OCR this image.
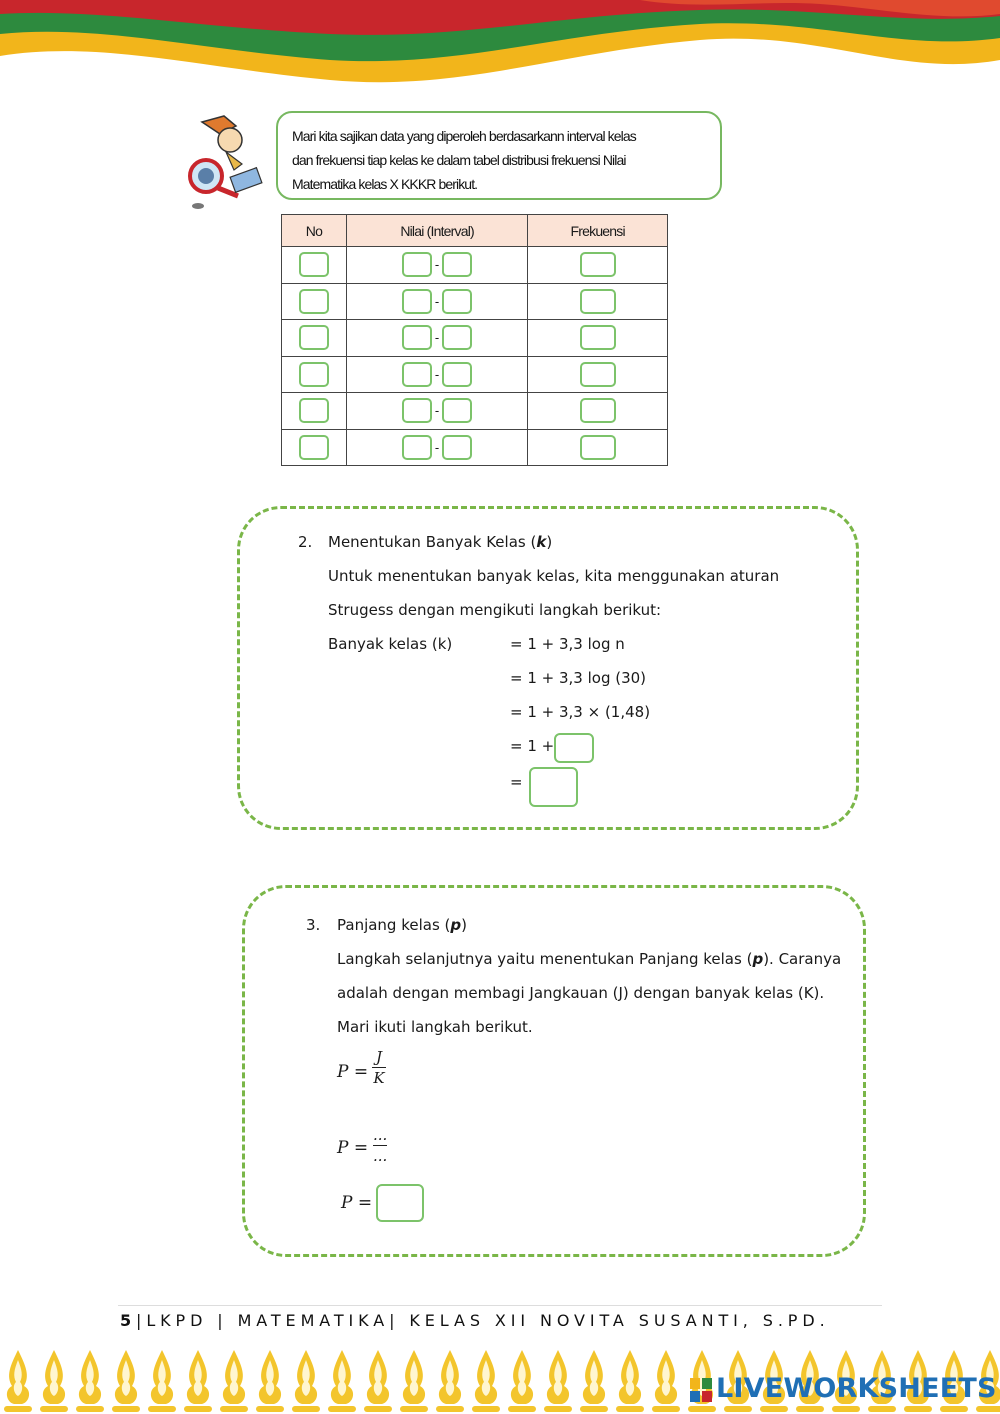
Mari kita sajikan data yang diperoleh berdasarkann interval kelas
dan frekuensi tiap kelas ke dalam tabel distribusi frekuensi Nilai
Matematika kelas X KKKR berikut.
No	Nilai (Interval)	Frekuensi
	-	
	-	
	-	
	-	
	-	
	-	
2. Menentukan Banyak Kelas (k)
Untuk menentukan banyak kelas, kita menggunakan aturan
Strugess dengan mengikuti langkah berikut:
Banyak kelas (k)	= 1 + 3,3 log n
= 1 + 3,3 log (30)
= 1 + 3,3 × (1,48)
= 1 +
=
3. Panjang kelas (p)
Langkah selanjutnya yaitu menentukan Panjang kelas (p). Caranya
adalah dengan membagi Jangkauan (J) dengan banyak kelas (K).
Mari ikuti langkah berikut.
P =
J
K
P =
...
...
P =
5|LKPD | MATEMATIKA| KELAS XII NOVITA SUSANTI, S.PD.
LIVEWORKSHEETS
